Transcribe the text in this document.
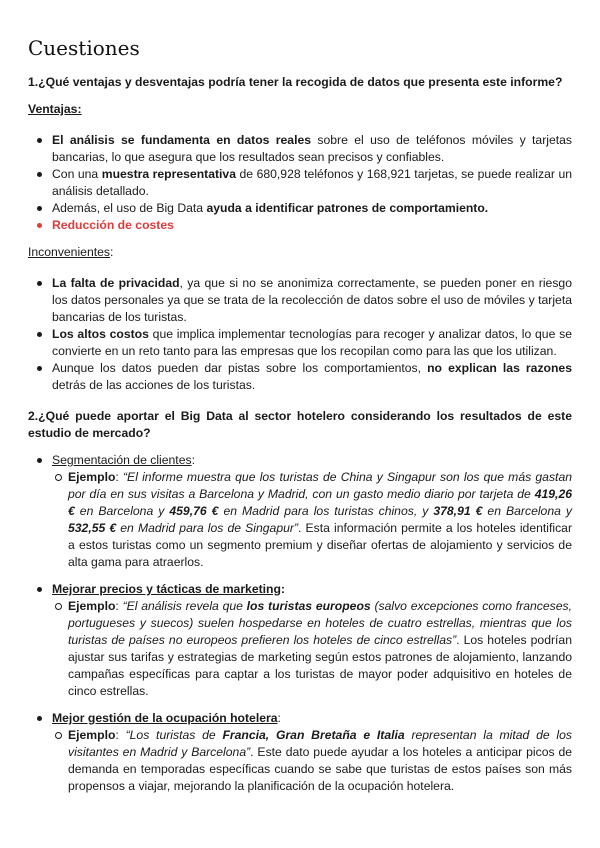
Cuestiones

1.¿Qué ventajas y desventajas podría tener la recogida de datos que presenta este informe?

Ventajas:

El análisis se fundamenta en datos reales sobre el uso de teléfonos móviles y tarjetas bancarias, lo que asegura que los resultados sean precisos y confiables.
Con una muestra representativa de 680,928 teléfonos y 168,921 tarjetas, se puede realizar un análisis detallado.
Además, el uso de Big Data ayuda a identificar patrones de comportamiento.
Reducción de costes

Inconvenientes:

La falta de privacidad, ya que si no se anonimiza correctamente, se pueden poner en riesgo los datos personales ya que se trata de la recolección de datos sobre el uso de móviles y tarjeta bancarias de los turistas.
Los altos costos que implica implementar tecnologías para recoger y analizar datos, lo que se convierte en un reto tanto para las empresas que los recopilan como para las que los utilizan.
Aunque los datos pueden dar pistas sobre los comportamientos, no explican las razones detrás de las acciones de los turistas.

2.¿Qué puede aportar el Big Data al sector hotelero considerando los resultados de este estudio de mercado?

Segmentación de clientes:
Ejemplo: “El informe muestra que los turistas de China y Singapur son los que más gastan por día en sus visitas a Barcelona y Madrid, con un gasto medio diario por tarjeta de 419,26 € en Barcelona y 459,76 € en Madrid para los turistas chinos, y 378,91 € en Barcelona y 532,55 € en Madrid para los de Singapur”. Esta información permite a los hoteles identificar a estos turistas como un segmento premium y diseñar ofertas de alojamiento y servicios de alta gama para atraerlos.
Mejorar precios y tácticas de marketing:
Ejemplo: “El análisis revela que los turistas europeos (salvo excepciones como franceses, portugueses y suecos) suelen hospedarse en hoteles de cuatro estrellas, mientras que los turistas de países no europeos prefieren los hoteles de cinco estrellas”. Los hoteles podrían ajustar sus tarifas y estrategias de marketing según estos patrones de alojamiento, lanzando campañas específicas para captar a los turistas de mayor poder adquisitivo en hoteles de cinco estrellas.
Mejor gestión de la ocupación hotelera:
Ejemplo: “Los turistas de Francia, Gran Bretaña e Italia representan la mitad de los visitantes en Madrid y Barcelona”. Este dato puede ayudar a los hoteles a anticipar picos de demanda en temporadas específicas cuando se sabe que turistas de estos países son más propensos a viajar, mejorando la planificación de la ocupación hotelera.
